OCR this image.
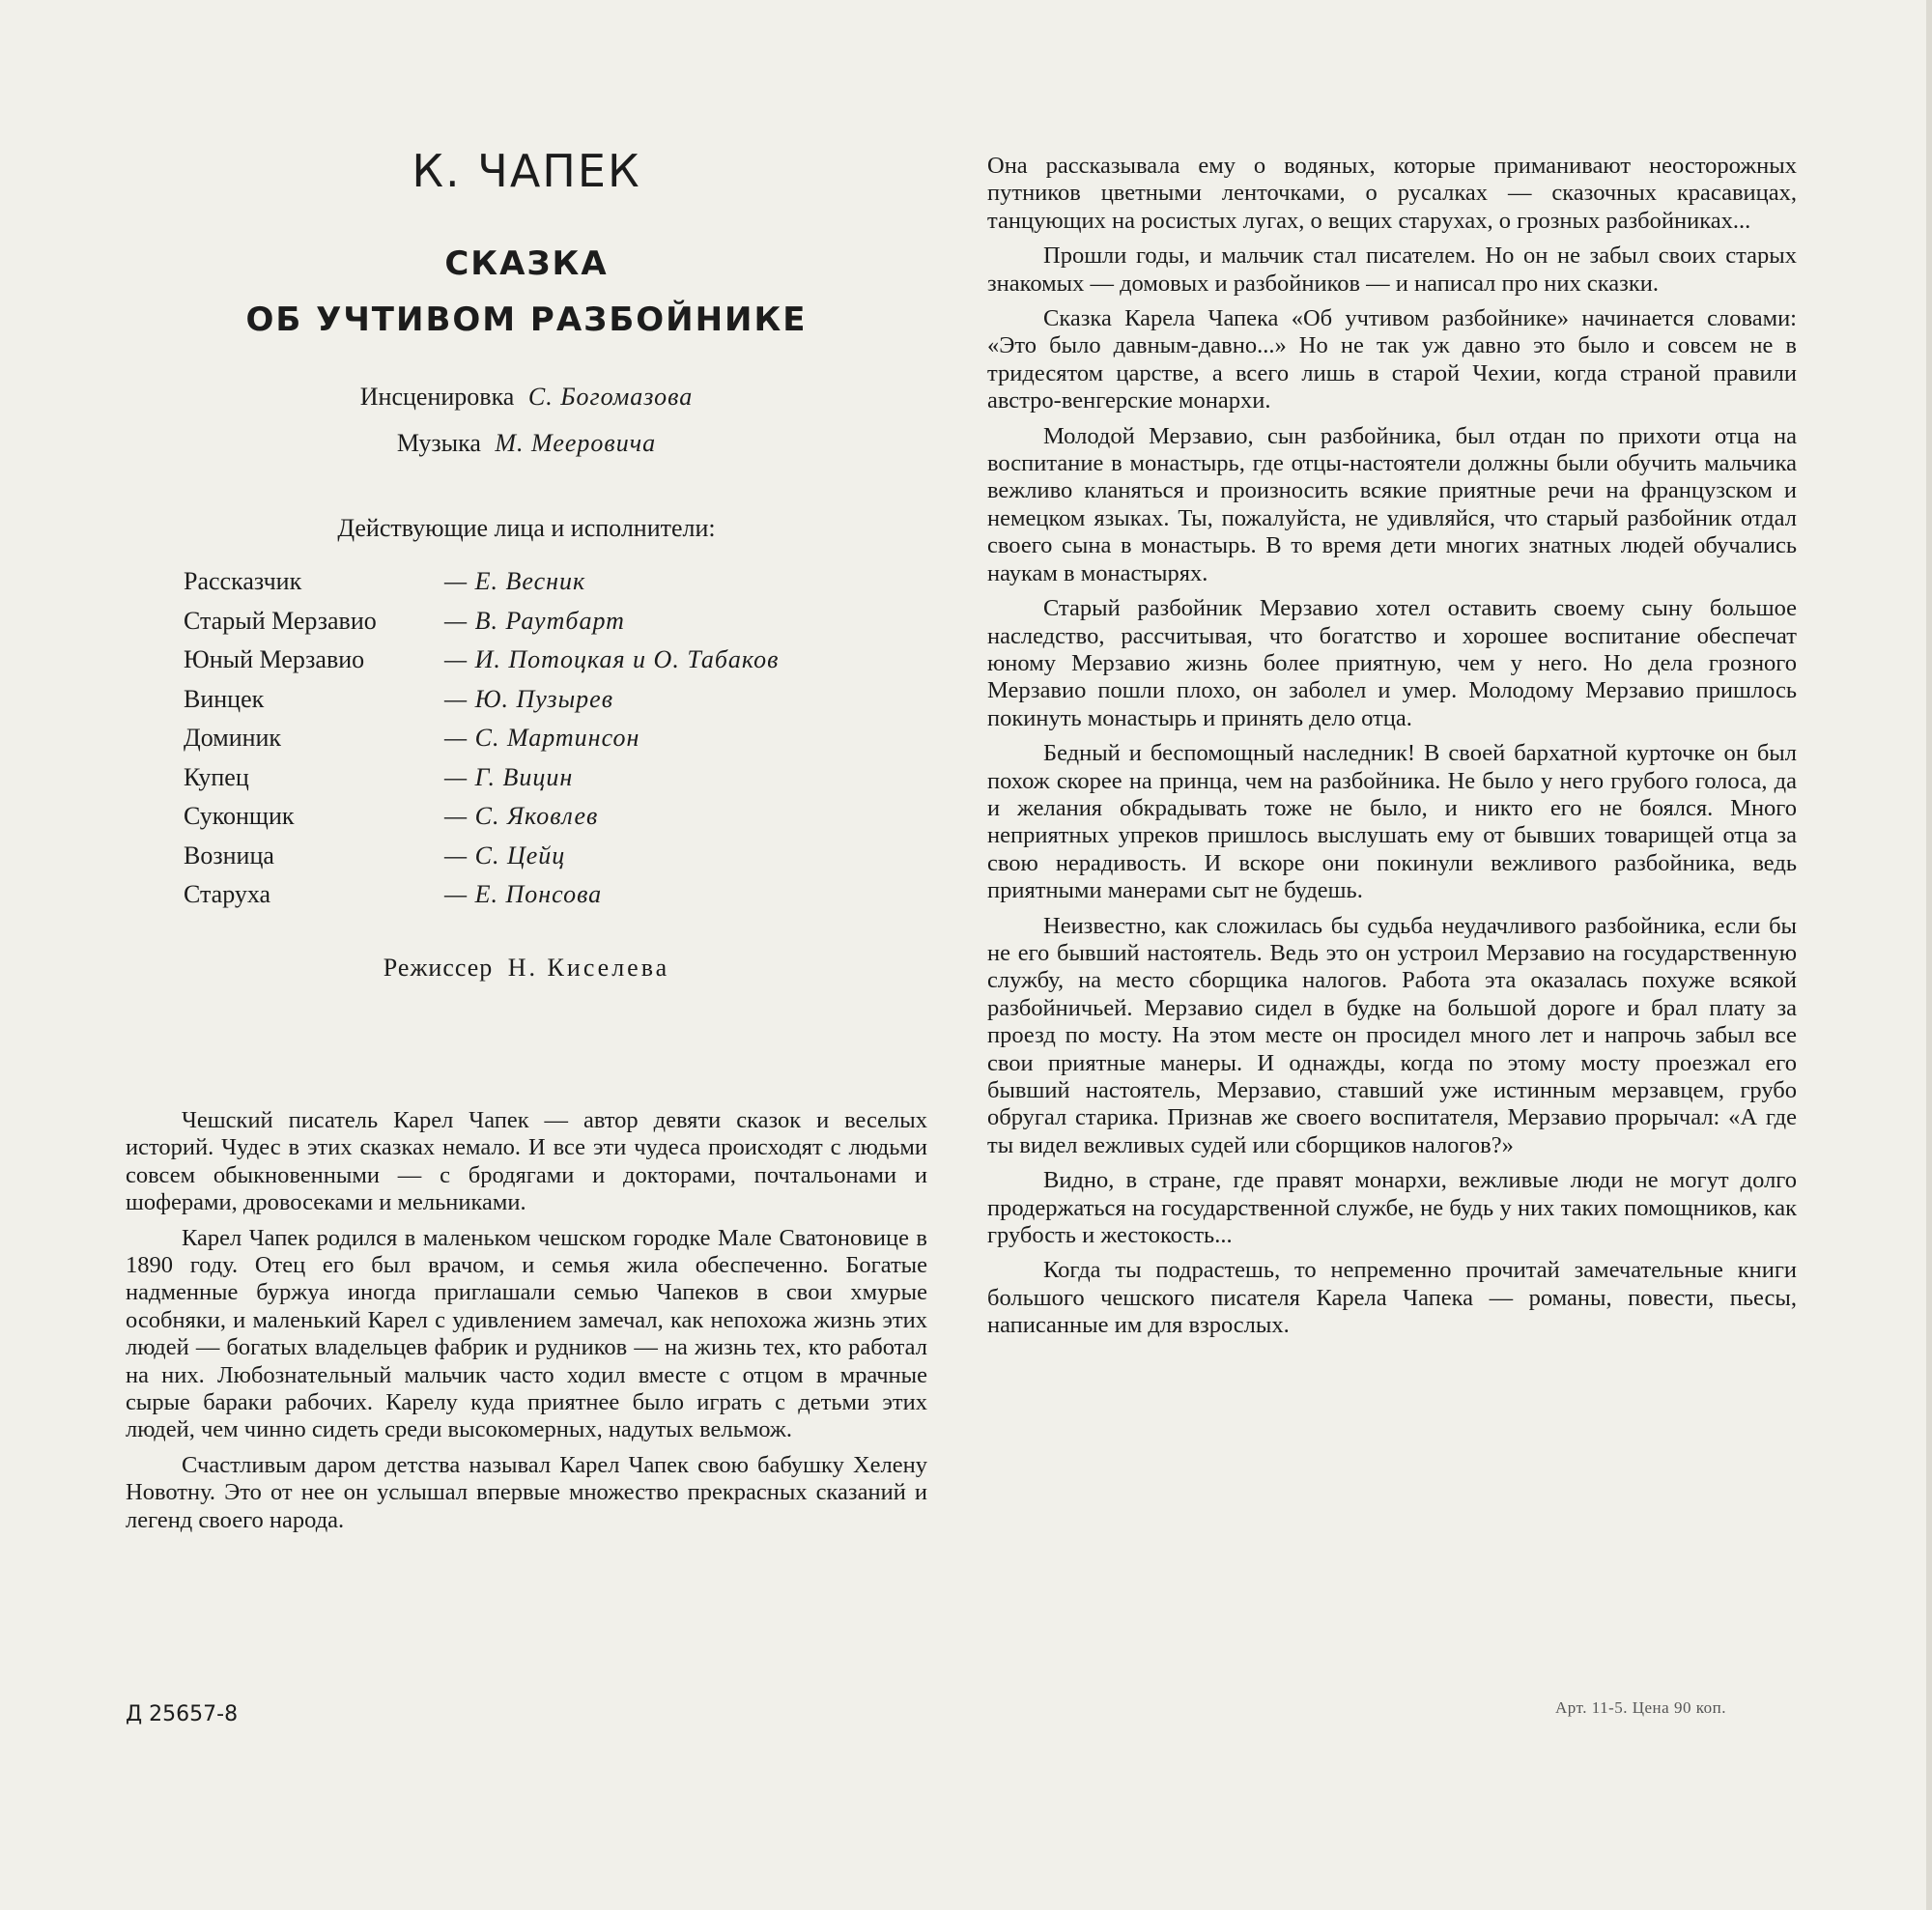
К. ЧАПЕК
СКАЗКА
ОБ УЧТИВОМ РАЗБОЙНИКЕ
Инсценировка С. Богомазова
Музыка М. Мееровича
Действующие лица и исполнители:
Рассказчик	— Е. Весник
Старый Мерзавио	— В. Раутбарт
Юный Мерзавио	— И. Потоцкая и О. Табаков
Винцек	— Ю. Пузырев
Доминик	— С. Мартинсон
Купец	— Г. Вицин
Суконщик	— С. Яковлев
Возница	— С. Цейц
Старуха	— Е. Понсова
Режиссер Н. Киселева

Чешский писатель Карел Чапек — автор девяти сказок и веселых историй. Чудес в этих сказках немало. И все эти чудеса происходят с людьми совсем обыкновенными — с бродягами и докторами, почтальонами и шоферами, дровосеками и мельниками.

Карел Чапек родился в маленьком чешском городке Мале Сватоновице в 1890 году. Отец его был врачом, и семья жила обеспеченно. Богатые надменные буржуа иногда приглашали семью Чапеков в свои хмурые особняки, и маленький Карел с удивлением замечал, как непохожа жизнь этих людей — богатых владельцев фабрик и рудников — на жизнь тех, кто работал на них. Любознательный мальчик часто ходил вместе с отцом в мрачные сырые бараки рабочих. Карелу куда приятнее было играть с детьми этих людей, чем чинно сидеть среди высокомерных, надутых вельмож.

Счастливым даром детства называл Карел Чапек свою бабушку Хелену Новотну. Это от нее он услышал впервые множество прекрасных сказаний и легенд своего народа.

Она рассказывала ему о водяных, которые приманивают неосторожных путников цветными ленточками, о русалках — сказочных красавицах, танцующих на росистых лугах, о вещих старухах, о грозных разбойниках...

Прошли годы, и мальчик стал писателем. Но он не забыл своих старых знакомых — домовых и разбойников — и написал про них сказки.

Сказка Карела Чапека «Об учтивом разбойнике» начинается словами: «Это было давным-давно...» Но не так уж давно это было и совсем не в тридесятом царстве, а всего лишь в старой Чехии, когда страной правили австро-венгерские монархи.

Молодой Мерзавио, сын разбойника, был отдан по прихоти отца на воспитание в монастырь, где отцы-настоятели должны были обучить мальчика вежливо кланяться и произносить всякие приятные речи на французском и немецком языках. Ты, пожалуйста, не удивляйся, что старый разбойник отдал своего сына в монастырь. В то время дети многих знатных людей обучались наукам в монастырях.

Старый разбойник Мерзавио хотел оставить своему сыну большое наследство, рассчитывая, что богатство и хорошее воспитание обеспечат юному Мерзавио жизнь более приятную, чем у него. Но дела грозного Мерзавио пошли плохо, он заболел и умер. Молодому Мерзавио пришлось покинуть монастырь и принять дело отца.

Бедный и беспомощный наследник! В своей бархатной курточке он был похож скорее на принца, чем на разбойника. Не было у него грубого голоса, да и желания обкрадывать тоже не было, и никто его не боялся. Много неприятных упреков пришлось выслушать ему от бывших товарищей отца за свою нерадивость. И вскоре они покинули вежливого разбойника, ведь приятными манерами сыт не будешь.

Неизвестно, как сложилась бы судьба неудачливого разбойника, если бы не его бывший настоятель. Ведь это он устроил Мерзавио на государственную службу, на место сборщика налогов. Работа эта оказалась похуже всякой разбойничьей. Мерзавио сидел в будке на большой дороге и брал плату за проезд по мосту. На этом месте он просидел много лет и напрочь забыл все свои приятные манеры. И однажды, когда по этому мосту проезжал его бывший настоятель, Мерзавио, ставший уже истинным мерзавцем, грубо обругал старика. Признав же своего воспитателя, Мерзавио прорычал: «А где ты видел вежливых судей или сборщиков налогов?»

Видно, в стране, где правят монархи, вежливые люди не могут долго продержаться на государственной службе, не будь у них таких помощников, как грубость и жестокость...

Когда ты подрастешь, то непременно прочитай замечательные книги большого чешского писателя Карела Чапека — романы, повести, пьесы, написанные им для взрослых.

Д 25657-8	Арт. 11-5. Цена 90 коп.
